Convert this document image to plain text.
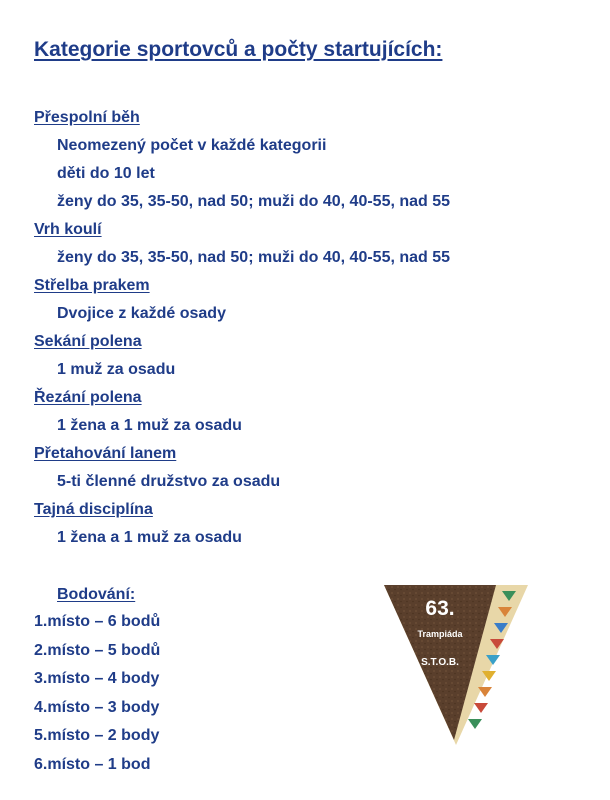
Kategorie sportovců a počty startujících:
Přespolní běh
Neomezený počet v každé kategorii
děti do 10 let
ženy do 35, 35-50, nad 50; muži do 40, 40-55, nad 55
Vrh koulí
ženy do 35, 35-50, nad 50; muži do 40, 40-55, nad 55
Střelba prakem
Dvojice z každé osady
Sekání polena
1 muž za osadu
Řezání polena
1 žena a 1 muž za osadu
Přetahování lanem
5-ti členné družstvo za osadu
Tajná disciplína
1 žena a 1 muž za osadu
Bodování:
1.místo – 6 bodů
2.místo – 5 bodů
3.místo – 4 body
4.místo – 3 body
5.místo – 2 body
6.místo – 1 bod
63.
Trampiáda
S.T.O.B.
